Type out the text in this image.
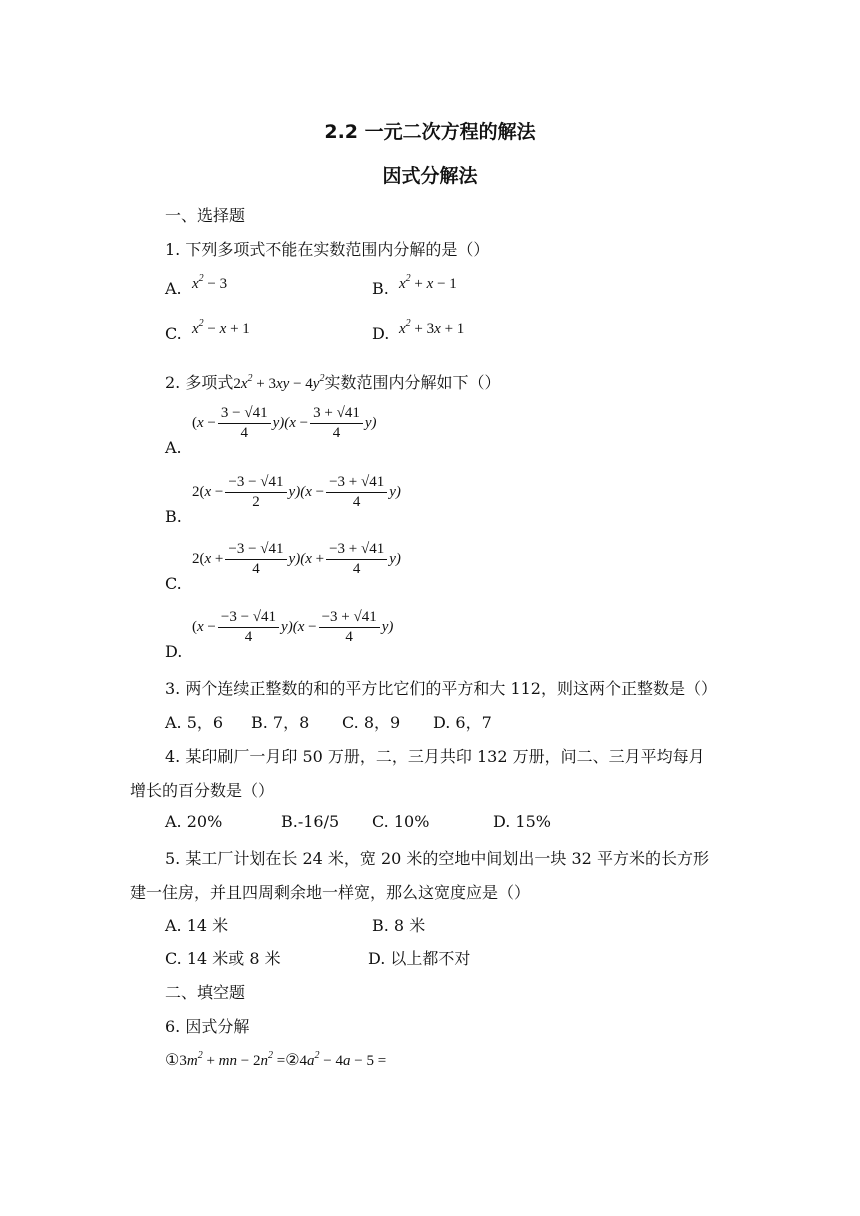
2.2 一元二次方程的解法
因式分解法
一、选择题
1. 下列多项式不能在实数范围内分解的是（）
A. $x^2 - 3$	B. $x^2 + x - 1$
C. $x^2 - x + 1$	D. $x^2 + 3x + 1$
2. 多项式$2x^2 + 3xy - 4y^2$实数范围内分解如下（）
A.
$(x - \frac{3 - √41}{4} y)(x - \frac{3 + √41}{4} y)$
B.
$2(x - \frac{-3 - √41}{2} y)(x - \frac{-3 + √41}{4} y)$
C.
$2(x + \frac{-3 - √41}{4} y)(x + \frac{-3 + √41}{4} y)$
D.
$(x - \frac{-3 - √41}{4} y)(x - \frac{-3 + √41}{4} y)$
3. 两个连续正整数的和的平方比它们的平方和大 112，则这两个正整数是（）
A. 5，6 B. 7，8 C. 8，9 D. 6，7
4. 某印刷厂一月印 50 万册，二，三月共印 132 万册，问二、三月平均每月
增长的百分数是（）
A. 20%	B.-16/5 C. 10%	D. 15%
5. 某工厂计划在长 24 米，宽 20 米的空地中间划出一块 32 平方米的长方形
建一住房，并且四周剩余地一样宽，那么这宽度应是（）
A. 14 米	B. 8 米
C. 14 米或 8 米	D. 以上都不对
二、填空题
6. 因式分解
$①3m^2$ + mn − $2n^2$ $=②4a^2 - 4a - 5$ =
